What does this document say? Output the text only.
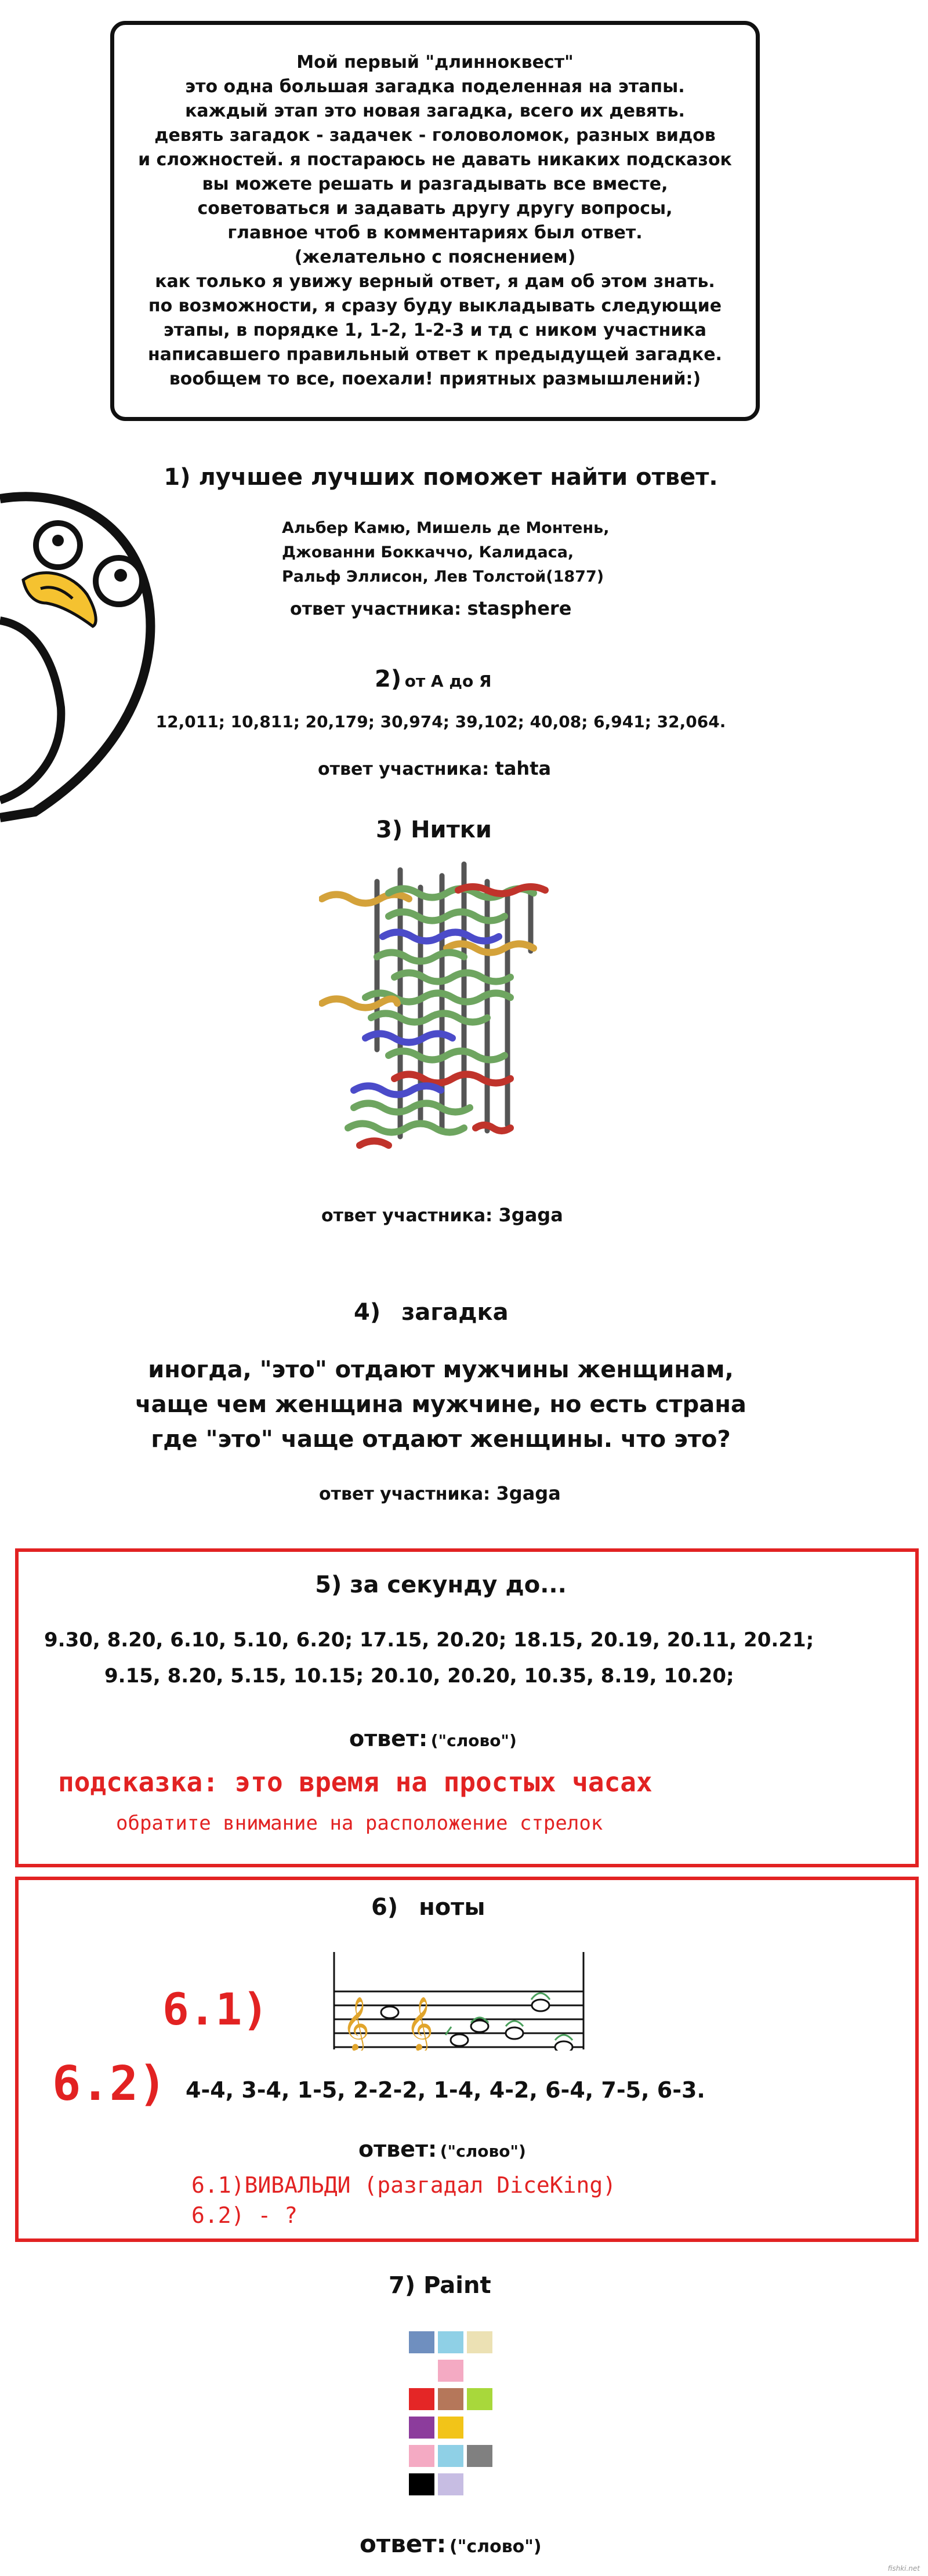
Мой первый "длинноквест"
это одна большая загадка поделенная на этапы.
каждый этап это новая загадка, всего их девять.
девять загадок - задачек - головоломок, разных видов
и сложностей. я постараюсь не давать никаких подсказок
вы можете решать и разгадывать все вместе,
советоваться и задавать другу другу вопросы,
главное чтоб в комментариях был ответ.
(желательно с пояснением)
как только я увижу верный ответ, я дам об этом знать.
по возможности, я сразу буду выкладывать следующие
этапы, в порядке 1, 1-2, 1-2-3 и тд с ником участника
написавшего правильный ответ к предыдущей загадке.
вообщем то все, поехали! приятных размышлений:)
1) лучшее лучших поможет найти ответ.
Альбер Камю, Мишель де Монтень,
Джованни Боккаччо, Калидаса,
Ральф Эллисон, Лев Толстой(1877)
ответ участника: stasphere
2) от А до Я
12,011; 10,811; 20,179; 30,974; 39,102; 40,08; 6,941; 32,064.
ответ участника: tahta
3) Нитки
ответ участника: 3gaga
4) загадка
иногда, "это" отдают мужчины женщинам,
чаще чем женщина мужчине, но есть страна
где "это" чаще отдают женщины. что это?
ответ участника: 3gaga
5) за секунду до...
9.30, 8.20, 6.10, 5.10, 6.20; 17.15, 20.20; 18.15, 20.19, 20.11, 20.21;
9.15, 8.20, 5.15, 10.15; 20.10, 20.20, 10.35, 8.19, 10.20;
ответ: ("слово")
подсказка: это время на простых часах
обратите внимание на расположение стрелок
6) ноты
6.1) 𝄞 𝄞
6.2) 4-4, 3-4, 1-5, 2-2-2, 1-4, 4-2, 6-4, 7-5, 6-3.
ответ: ("слово")
6.1)ВИВАЛЬДИ (разгадал DiceKing)
6.2) - ?
7) Paint
ответ: ("слово")
fishki.net
